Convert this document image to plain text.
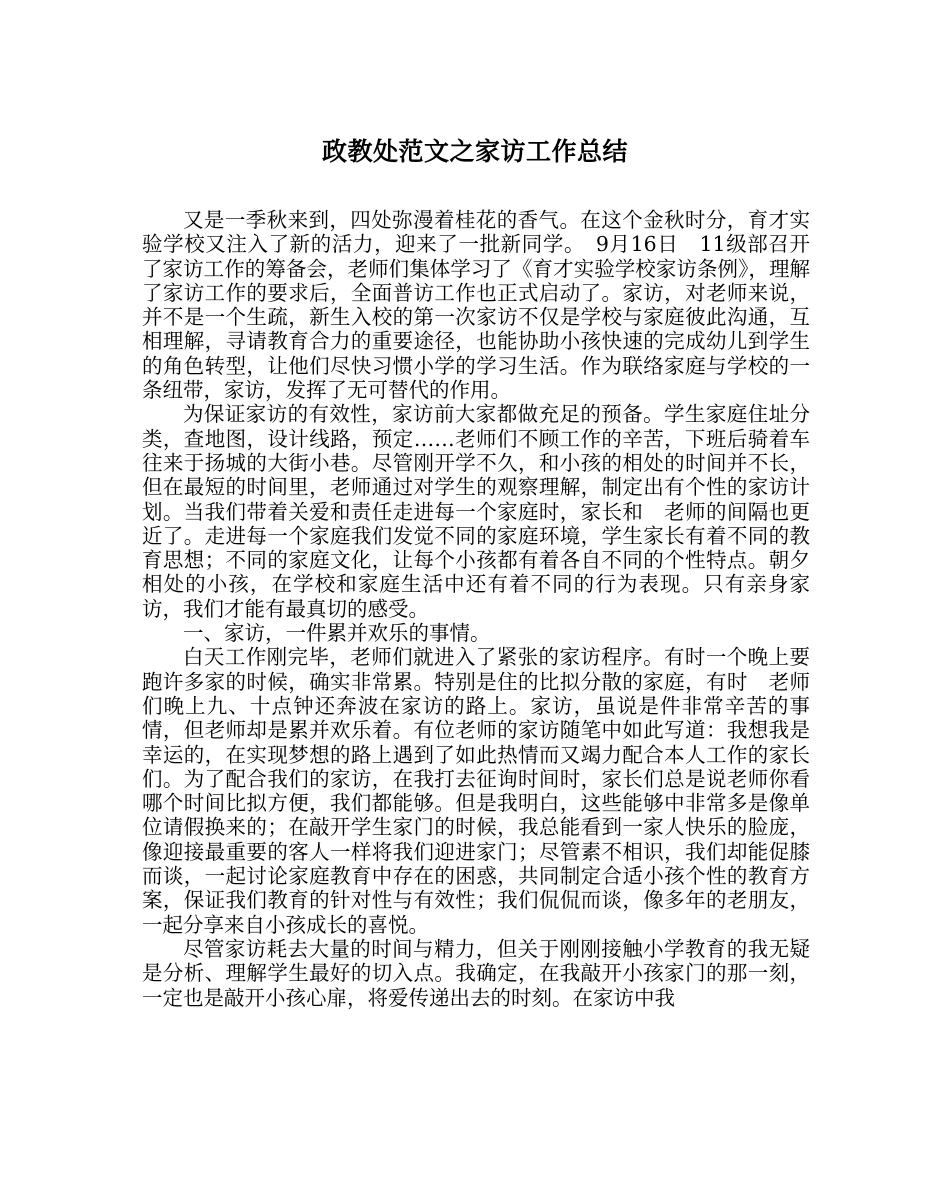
政教处范文之家访工作总结

又是一季秋来到，四处弥漫着桂花的香气。在这个金秋时分，育才实验学校又注入了新的活力，迎来了一批新同学。　9月16日　11级部召开了家访工作的筹备会，老师们集体学习了《育才实验学校家访条例》，理解了家访工作的要求后，全面普访工作也正式启动了。家访，对老师来说，并不是一个生疏，新生入校的第一次家访不仅是学校与家庭彼此沟通，互相理解，寻请教育合力的重要途径，也能协助小孩快速的完成幼儿到学生的角色转型，让他们尽快习惯小学的学习生活。作为联络家庭与学校的一条纽带，家访，发挥了无可替代的作用。

为保证家访的有效性，家访前大家都做充足的预备。学生家庭住址分类，查地图，设计线路，预定……老师们不顾工作的辛苦，下班后骑着车往来于扬城的大街小巷。尽管刚开学不久，和小孩的相处的时间并不长，但在最短的时间里，老师通过对学生的观察理解，制定出有个性的家访计划。当我们带着关爱和责任走进每一个家庭时，家长和　老师的间隔也更近了。走进每一个家庭我们发觉不同的家庭环境，学生家长有着不同的教育思想；不同的家庭文化，让每个小孩都有着各自不同的个性特点。朝夕相处的小孩，在学校和家庭生活中还有着不同的行为表现。只有亲身家访，我们才能有最真切的感受。

一、家访，一件累并欢乐的事情。

白天工作刚完毕，老师们就进入了紧张的家访程序。有时一个晚上要跑许多家的时候，确实非常累。特别是住的比拟分散的家庭，有时　老师们晚上九、十点钟还奔波在家访的路上。家访，虽说是件非常辛苦的事情，但老师却是累并欢乐着。有位老师的家访随笔中如此写道：我想我是幸运的，在实现梦想的路上遇到了如此热情而又竭力配合本人工作的家长们。为了配合我们的家访，在我打去征询时间时，家长们总是说老师你看哪个时间比拟方便，我们都能够。但是我明白，这些能够中非常多是像单位请假换来的；在敲开学生家门的时候，我总能看到一家人快乐的脸庞，像迎接最重要的客人一样将我们迎进家门；尽管素不相识，我们却能促膝而谈，一起讨论家庭教育中存在的困惑，共同制定合适小孩个性的教育方案，保证我们教育的针对性与有效性；我们侃侃而谈，像多年的老朋友，一起分享来自小孩成长的喜悦。

尽管家访耗去大量的时间与精力，但关于刚刚接触小学教育的我无疑是分析、理解学生最好的切入点。我确定，在我敲开小孩家门的那一刻，一定也是敲开小孩心扉，将爱传递出去的时刻。在家访中我
